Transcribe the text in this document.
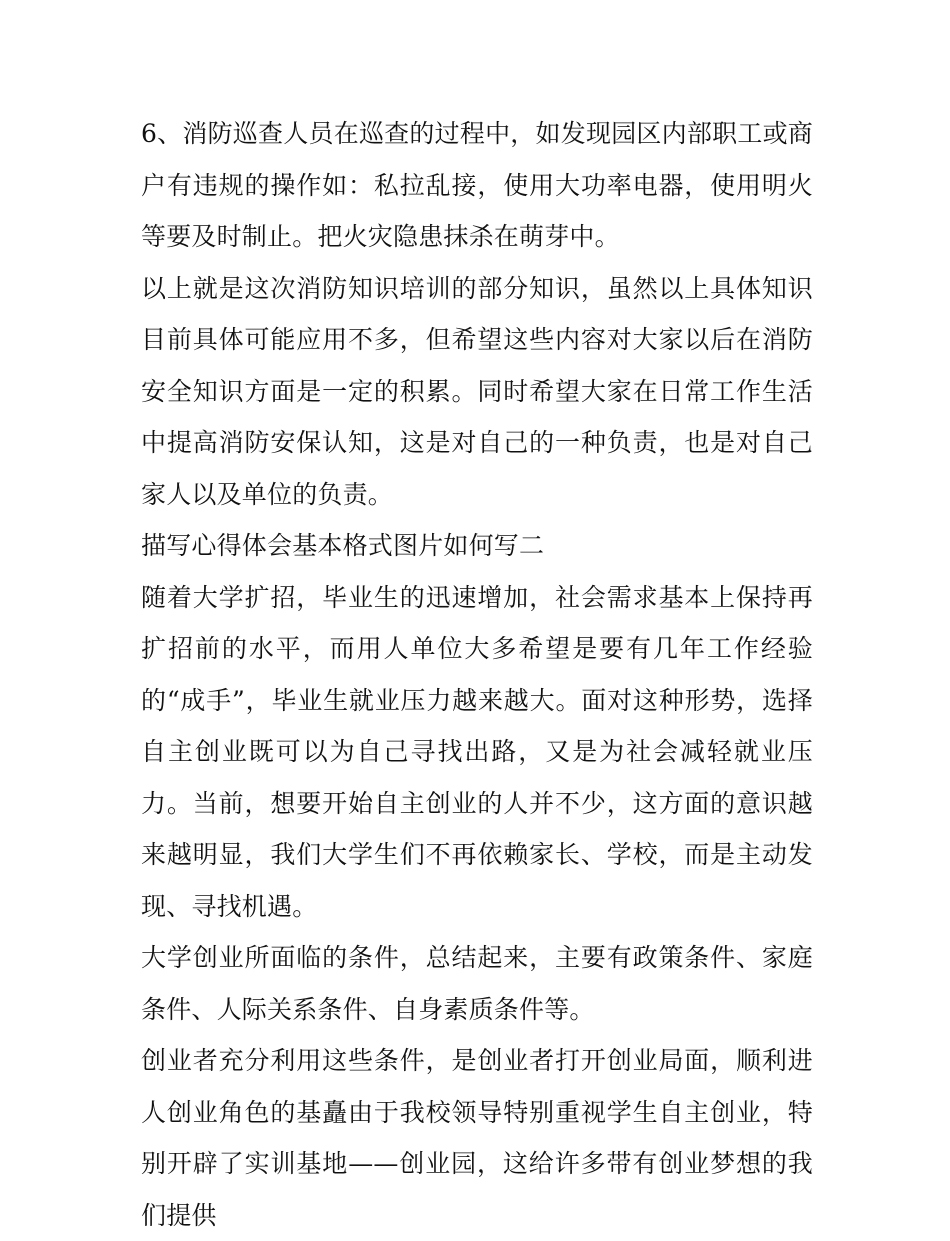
6、消防巡查人员在巡查的过程中，如发现园区内部职工或商户有违规的操作如：私拉乱接，使用大功率电器，使用明火等要及时制止。把火灾隐患抹杀在萌芽中。

以上就是这次消防知识培训的部分知识，虽然以上具体知识目前具体可能应用不多，但希望这些内容对大家以后在消防安全知识方面是一定的积累。同时希望大家在日常工作生活中提高消防安保认知，这是对自己的一种负责，也是对自己家人以及单位的负责。

描写心得体会基本格式图片如何写二

随着大学扩招，毕业生的迅速增加，社会需求基本上保持再扩招前的水平，而用人单位大多希望是要有几年工作经验的“成手”，毕业生就业压力越来越大。面对这种形势，选择自主创业既可以为自己寻找出路，又是为社会减轻就业压力。当前，想要开始自主创业的人并不少，这方面的意识越来越明显，我们大学生们不再依赖家长、学校，而是主动发现、寻找机遇。

大学创业所面临的条件，总结起来，主要有政策条件、家庭条件、人际关系条件、自身素质条件等。

创业者充分利用这些条件，是创业者打开创业局面，顺利进人创业角色的基矗由于我校领导特别重视学生自主创业，特别开辟了实训基地——创业园，这给许多带有创业梦想的我们提供
